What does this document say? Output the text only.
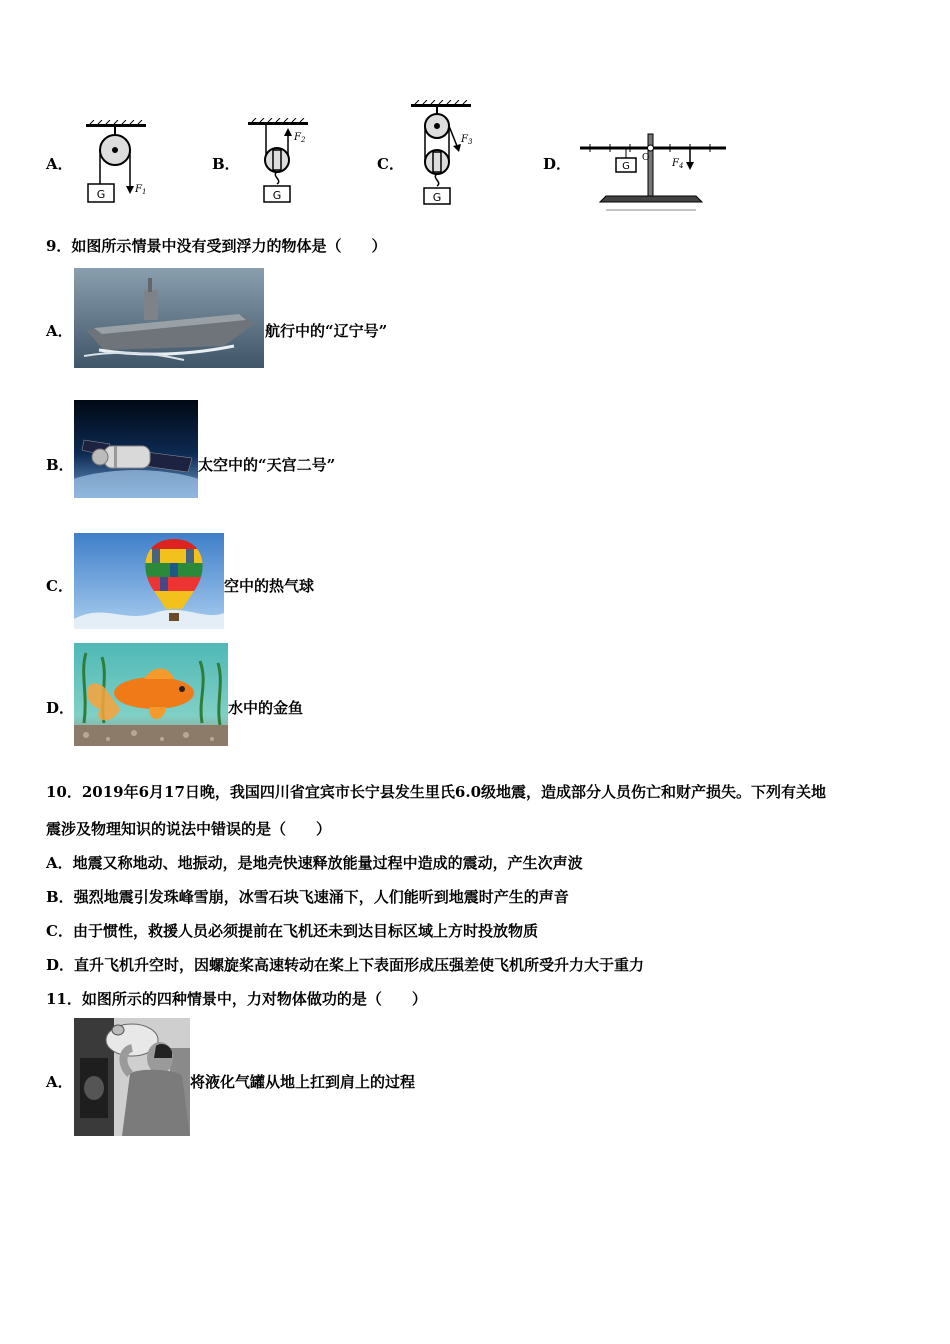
A．
G	F 1
B．
G
F 2
C．
G
F 3
D．	O
G	F 4
9．如图所示情景中没有受到浮力的物体是（　　）
A．	航行中的“辽宁号”
B．	太空中的“天宫二号”
C．	空中的热气球
D．	水中的金鱼
10．2019年6月17日晚，我国四川省宜宾市长宁县发生里氏6.0级地震，造成部分人员伤亡和财产损失。下列有关地
震涉及物理知识的说法中错误的是（　　）
A．地震又称地动、地振动，是地壳快速释放能量过程中造成的震动，产生次声波
B．强烈地震引发珠峰雪崩，冰雪石块飞速涌下，人们能听到地震时产生的声音
C．由于惯性，救援人员必须提前在飞机还未到达目标区域上方时投放物质
D．直升飞机升空时，因螺旋桨高速转动在桨上下表面形成压强差使飞机所受升力大于重力
11．如图所示的四种情景中，力对物体做功的是（　　）
A．	将液化气罐从地上扛到肩上的过程
